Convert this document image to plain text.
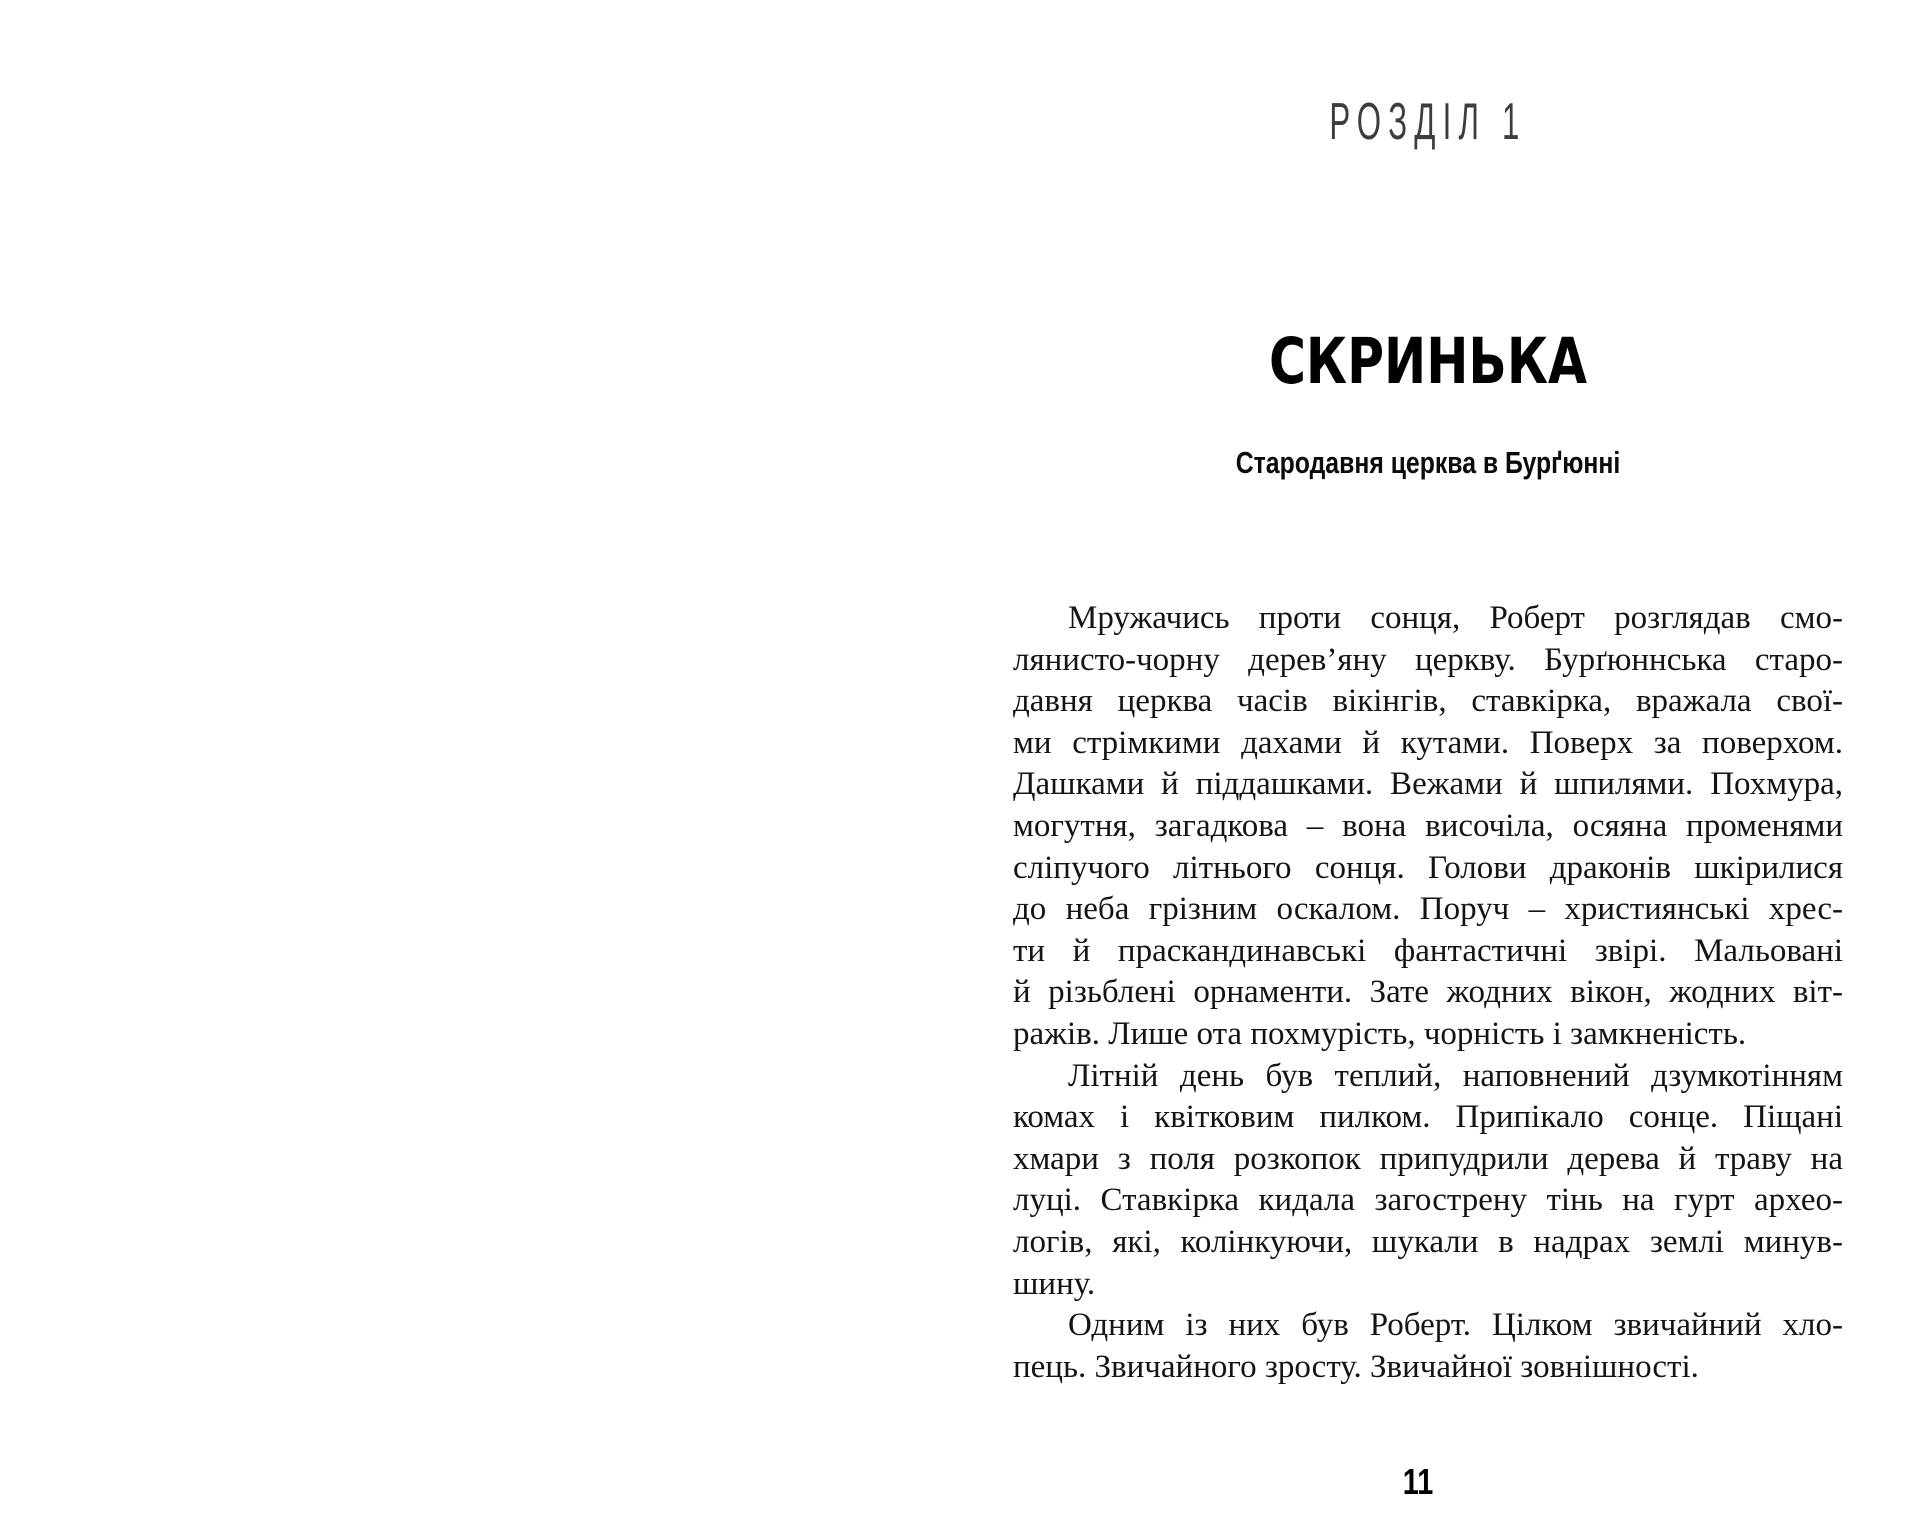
РОЗДІЛ 1
СКРИНЬКА
Стародавня церква в Бурґюнні
Мружачись проти сонця, Роберт розглядав смо-
лянисто-чорну дерев’яну церкву. Бурґюннська старо-
давня церква часів вікінгів, ставкірка, вражала свої-
ми стрімкими дахами й кутами. Поверх за поверхом.
Дашками й піддашками. Вежами й шпилями. Похмура,
могутня, загадкова – вона височіла, осяяна променями
сліпучого літнього сонця. Голови драконів шкірилися
до неба грізним оскалом. Поруч – християнські хрес-
ти й праскандинавські фантастичні звірі. Мальовані
й різьблені орнаменти. Зате жодних вікон, жодних віт-
ражів. Лише ота похмурість, чорність і замкненість.
Літній день був теплий, наповнений дзумкотінням
комах і квітковим пилком. Припікало сонце. Піщані
хмари з поля розкопок припудрили дерева й траву на
луці. Ставкірка кидала загострену тінь на гурт архео-
логів, які, колінкуючи, шукали в надрах землі минув-
шину.
Одним із них був Роберт. Цілком звичайний хло-
пець. Звичайного зросту. Звичайної зовнішності.
11
